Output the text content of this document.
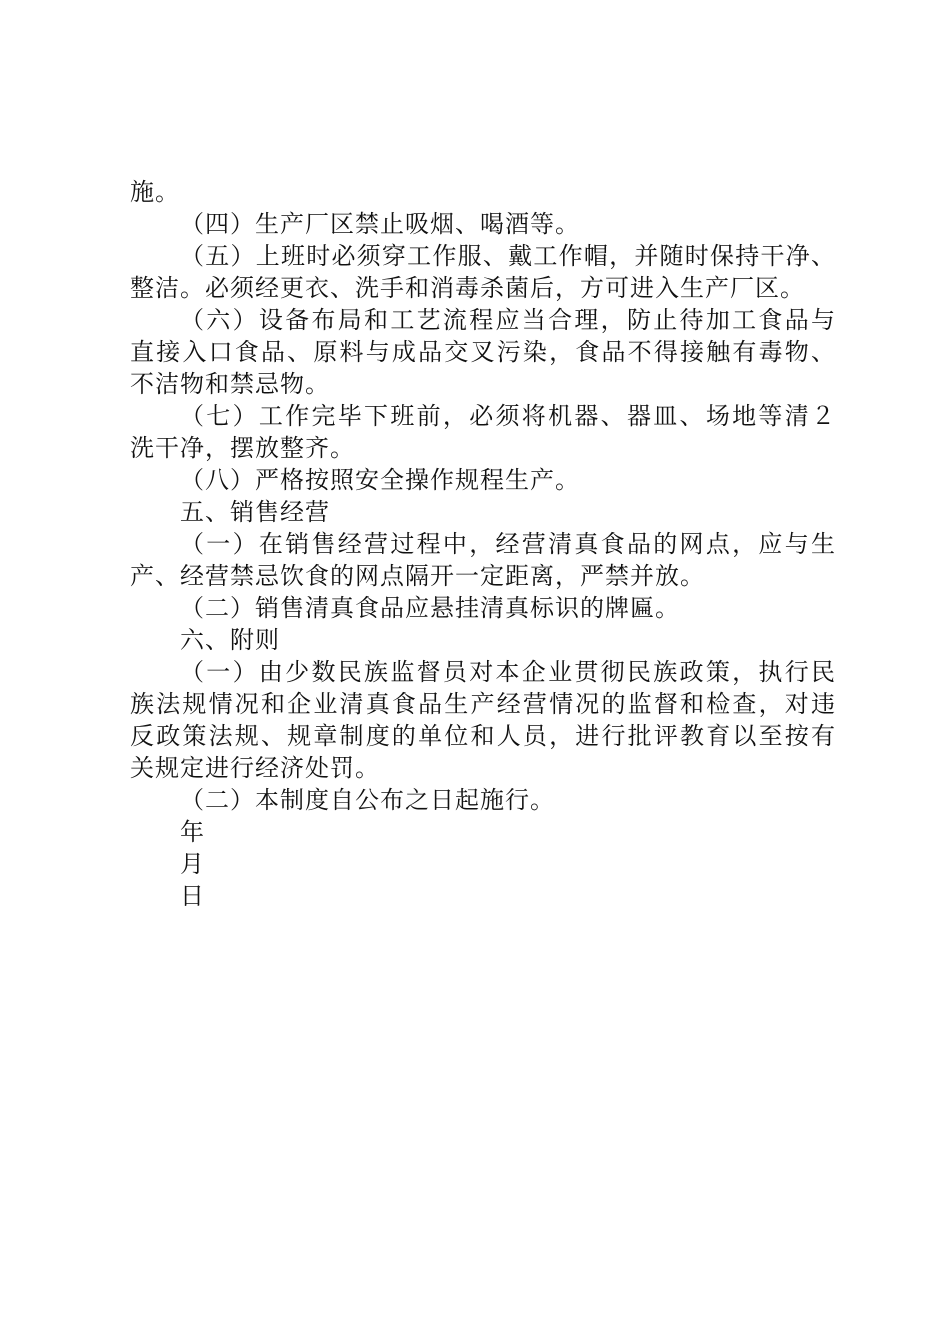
施。
（四）生产厂区禁止吸烟、喝酒等。
（五）上班时必须穿工作服、戴工作帽，并随时保持干净、
整洁。必须经更衣、洗手和消毒杀菌后，方可进入生产厂区。
（六）设备布局和工艺流程应当合理，防止待加工食品与
直接入口食品、原料与成品交叉污染，食品不得接触有毒物、
不洁物和禁忌物。
（七）工作完毕下班前，必须将机器、器皿、场地等清２
洗干净，摆放整齐。
（八）严格按照安全操作规程生产。
五、销售经营
（一）在销售经营过程中，经营清真食品的网点，应与生
产、经营禁忌饮食的网点隔开一定距离，严禁并放。
（二）销售清真食品应悬挂清真标识的牌匾。
六、附则
（一）由少数民族监督员对本企业贯彻民族政策，执行民
族法规情况和企业清真食品生产经营情况的监督和检查，对违
反政策法规、规章制度的单位和人员，进行批评教育以至按有
关规定进行经济处罚。
（二）本制度自公布之日起施行。
年
月
日
